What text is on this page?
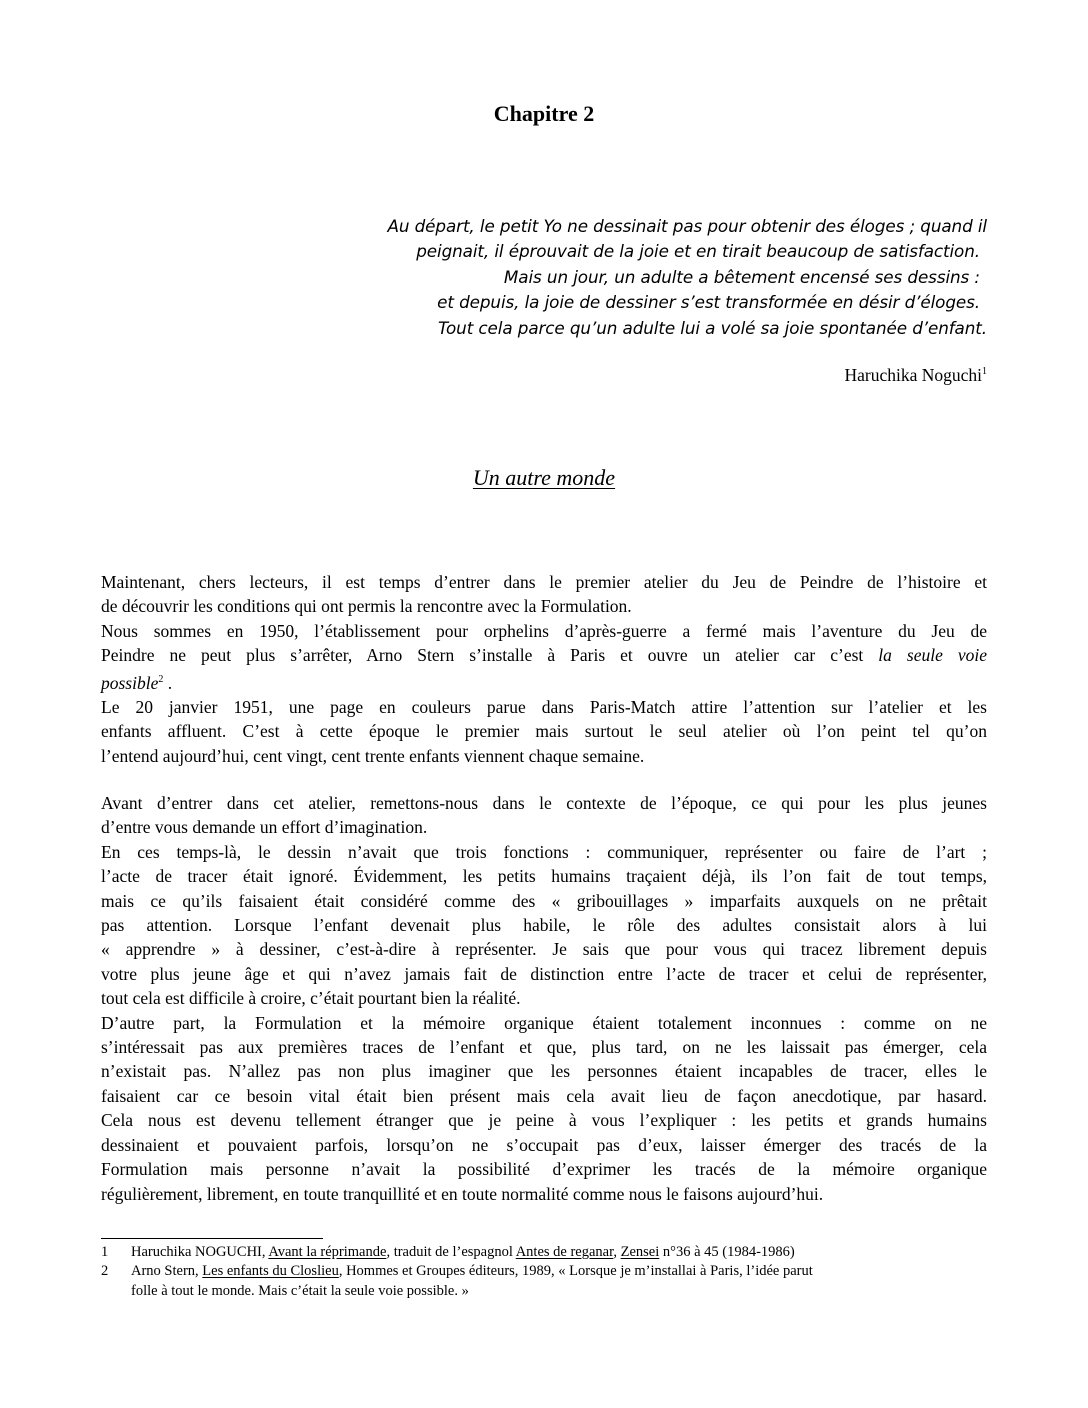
Chapitre 2
Au départ, le petit Yo ne dessinait pas pour obtenir des éloges ; quand il
peignait, il éprouvait de la joie et en tirait beaucoup de satisfaction.
Mais un jour, un adulte a bêtement encensé ses dessins :
et depuis, la joie de dessiner s’est transformée en désir d’éloges.
Tout cela parce qu’un adulte lui a volé sa joie spontanée d’enfant.
Haruchika Noguchi$^1$
Un autre monde
Maintenant, chers lecteurs, il est temps d’entrer dans le premier atelier du Jeu de Peindre de l’histoire et
de découvrir les conditions qui ont permis la rencontre avec la Formulation.
Nous sommes en 1950, l’établissement pour orphelins d’après-guerre a fermé mais l’aventure du Jeu de
Peindre ne peut plus s’arrêter, Arno Stern s’installe à Paris et ouvre un atelier car c’est la seule voie
possible$^2$ .
Le 20 janvier 1951, une page en couleurs parue dans Paris-Match attire l’attention sur l’atelier et les
enfants affluent. C’est à cette époque le premier mais surtout le seul atelier où l’on peint tel qu’on
l’entend aujourd’hui, cent vingt, cent trente enfants viennent chaque semaine.
Avant d’entrer dans cet atelier, remettons-nous dans le contexte de l’époque, ce qui pour les plus jeunes
d’entre vous demande un effort d’imagination.
En ces temps-là, le dessin n’avait que trois fonctions : communiquer, représenter ou faire de l’art ;
l’acte de tracer était ignoré. Évidemment, les petits humains traçaient déjà, ils l’on fait de tout temps,
mais ce qu’ils faisaient était considéré comme des « gribouillages » imparfaits auxquels on ne prêtait
pas attention. Lorsque l’enfant devenait plus habile, le rôle des adultes consistait alors à lui
« apprendre » à dessiner, c’est-à-dire à représenter. Je sais que pour vous qui tracez librement depuis
votre plus jeune âge et qui n’avez jamais fait de distinction entre l’acte de tracer et celui de représenter,
tout cela est difficile à croire, c’était pourtant bien la réalité.
D’autre part, la Formulation et la mémoire organique étaient totalement inconnues : comme on ne
s’intéressait pas aux premières traces de l’enfant et que, plus tard, on ne les laissait pas émerger, cela
n’existait pas. N’allez pas non plus imaginer que les personnes étaient incapables de tracer, elles le
faisaient car ce besoin vital était bien présent mais cela avait lieu de façon anecdotique, par hasard.
Cela nous est devenu tellement étranger que je peine à vous l’expliquer : les petits et grands humains
dessinaient et pouvaient parfois, lorsqu’on ne s’occupait pas d’eux, laisser émerger des tracés de la
Formulation mais personne n’avait la possibilité d’exprimer les tracés de la mémoire organique
régulièrement, librement, en toute tranquillité et en toute normalité comme nous le faisons aujourd’hui.
1 Haruchika NOGUCHI, Avant la réprimande, traduit de l’espagnol Antes de reganar, Zensei n°36 à 45 (1984-1986)
2 Arno Stern, Les enfants du Closlieu, Hommes et Groupes éditeurs, 1989, « Lorsque je m’installai à Paris, l’idée parut
folle à tout le monde. Mais c’était la seule voie possible. »
